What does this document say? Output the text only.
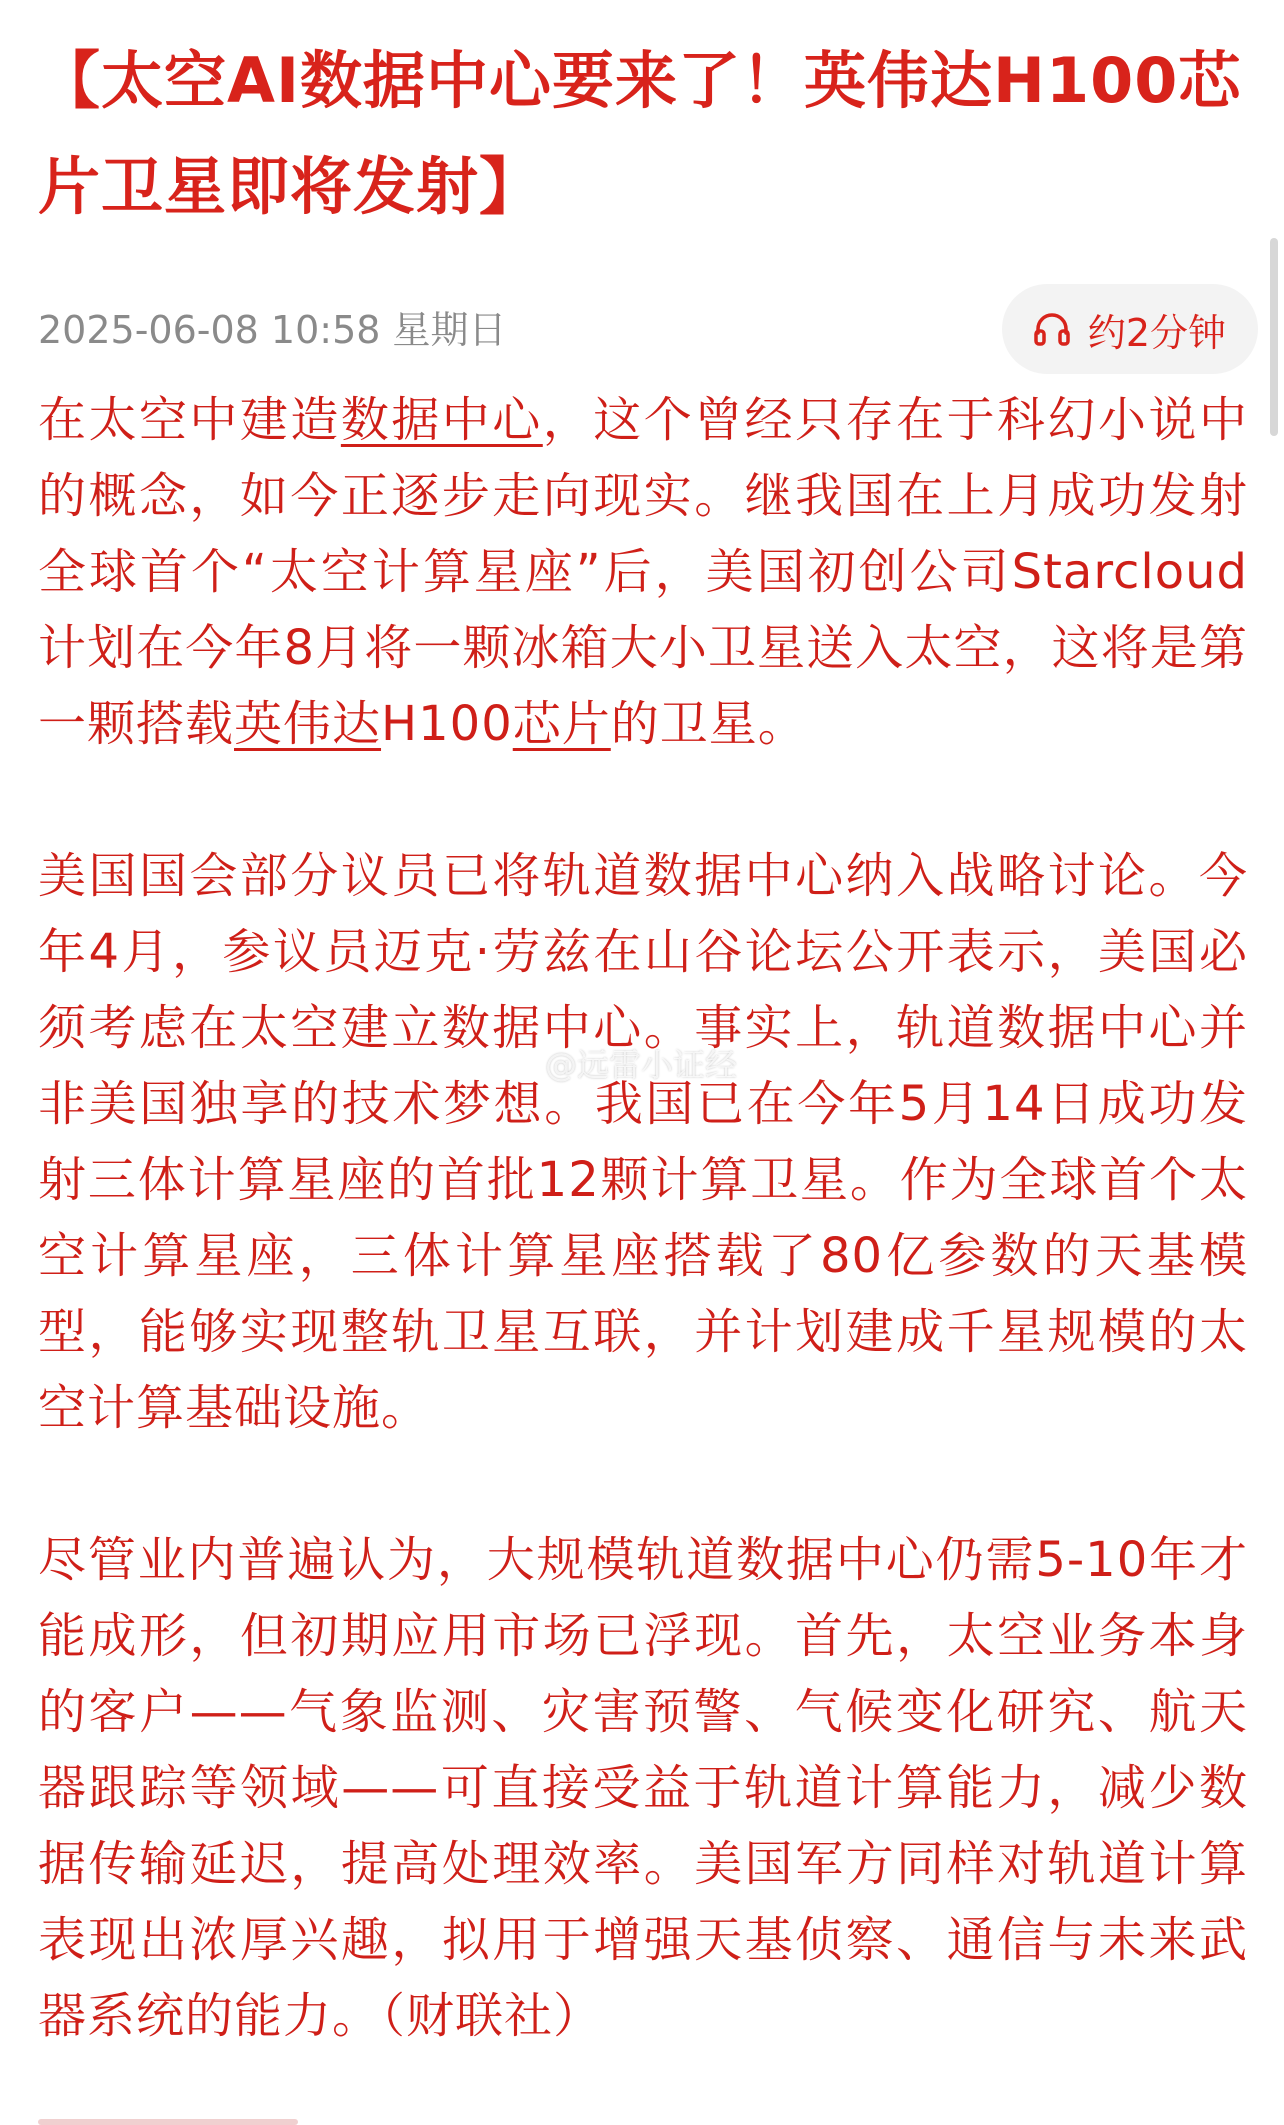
【太空AI数据中心要来了！英伟达H100芯片卫星即将发射】
2025-06-08 10:58 星期日	约2分钟

在太空中建造数据中心，这个曾经只存在于科幻小说中的概念，如今正逐步走向现实。继我国在上月成功发射全球首个“太空计算星座”后，美国初创公司Starcloud计划在今年8月将一颗冰箱大小卫星送入太空，这将是第一颗搭载英伟达H100芯片的卫星。

美国国会部分议员已将轨道数据中心纳入战略讨论。今年4月，参议员迈克·劳兹在山谷论坛公开表示，美国必须考虑在太空建立数据中心。事实上，轨道数据中心并非美国独享的技术梦想。我国已在今年5月14日成功发射三体计算星座的首批12颗计算卫星。作为全球首个太空计算星座，三体计算星座搭载了80亿参数的天基模型，能够实现整轨卫星互联，并计划建成千星规模的太空计算基础设施。

尽管业内普遍认为，大规模轨道数据中心仍需5-10年才能成形，但初期应用市场已浮现。首先，太空业务本身的客户——气象监测、灾害预警、气候变化研究、航天器跟踪等领域——可直接受益于轨道计算能力，减少数据传输延迟，提高处理效率。美国军方同样对轨道计算表现出浓厚兴趣，拟用于增强天基侦察、通信与未来武器系统的能力。（财联社）

@远雷小证经
